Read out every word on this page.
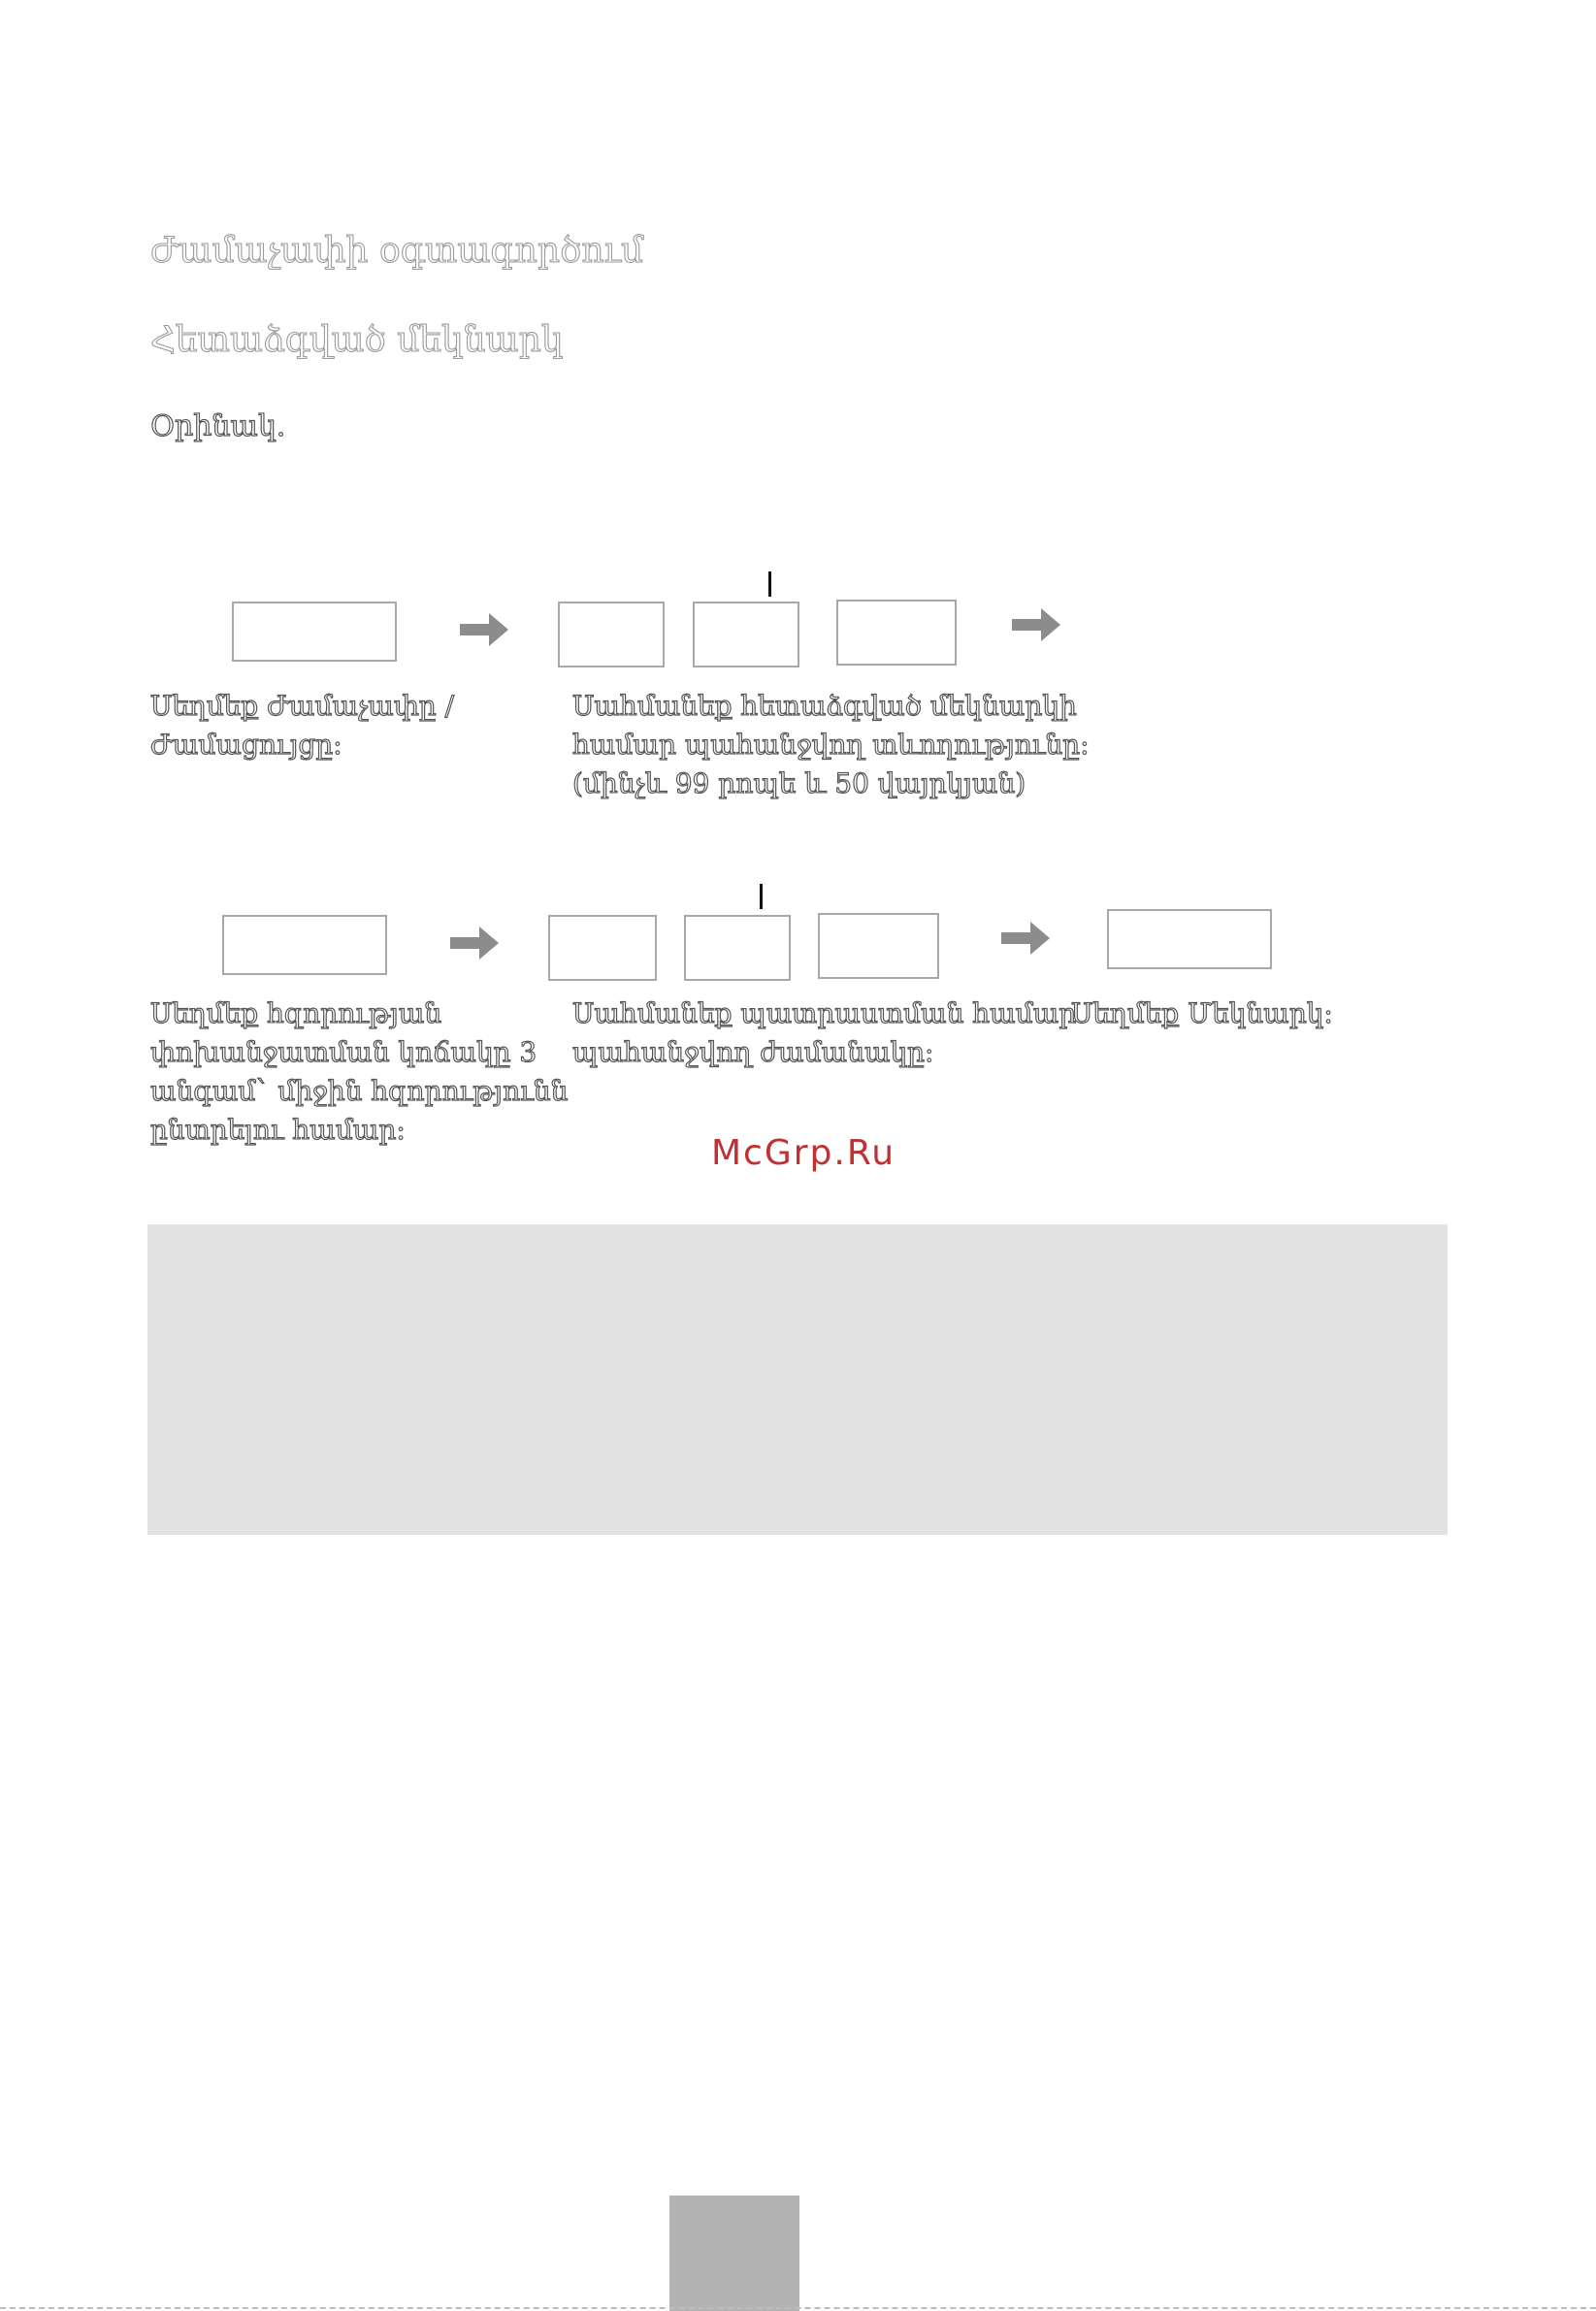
Ժամաչափի օգտագործում
Հետաձգված մեկնարկ
Օրինակ.
Սեղմեք Ժամաչափը /
Ժամացույցը:
Սահմանեք հետաձգված մեկնարկի
համար պահանջվող տևողությունը:
(մինչև 99 րոպե և 50 վայրկյան)
Սեղմեք հզորության
փոխանջատման կոճակը 3
անգամ` միջին հզորությունն
ընտրելու համար:
Սահմանեք պատրաստման համար
պահանջվող ժամանակը:
Սեղմեք Մեկնարկ:
McGrp.Ru
